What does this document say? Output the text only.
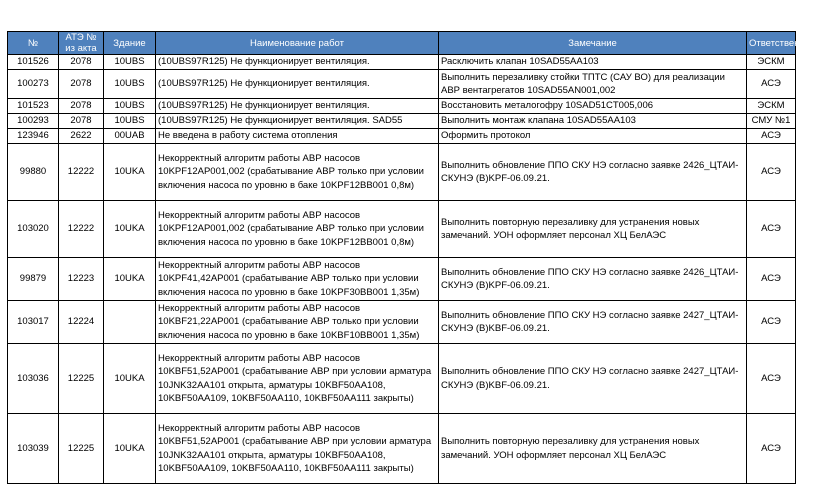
№	АТЭ № из акта	Здание	Наименование работ	Замечание	Ответственный
101526	2078	10UBS	(10UBS97R125) Не функционирует вентиляция.	Расключить клапан 10SAD55AA103	ЭСКМ
100273	2078	10UBS	(10UBS97R125) Не функционирует вентиляция.	Выполнить перезаливку стойки ТПТС (САУ ВО) для реализации АВР вентагрегатов 10SAD55AN001,002	АСЭ
101523	2078	10UBS	(10UBS97R125) Не функционирует вентиляция.	Восстановить металогофру 10SAD51CT005,006	ЭСКМ
100293	2078	10UBS	(10UBS97R125) Не функционирует вентиляция. SAD55	Выполнить монтаж клапана 10SAD55AA103	СМУ №1
123946	2622	00UAB	Не введена в работу система отопления	Оформить протокол	АСЭ
99880	12222	10UKA	Некорректный алгоритм работы АВР насосов 10KPF12AP001,002 (срабатывание АВР только при условии включения насоса по уровню в баке 10KPF12BB001 0,8м)	Выполнить обновление ППО СКУ НЭ согласно заявке 2426_ЦТАИ-СКУНЭ (В)KPF-06.09.21.	АСЭ
103020	12222	10UKA	Некорректный алгоритм работы АВР насосов 10KPF12AP001,002 (срабатывание АВР только при условии включения насоса по уровню в баке 10KPF12BB001 0,8м)	Выполнить повторную перезаливку для устранения новых замечаний. УОН оформляет персонал ХЦ БелАЭС	АСЭ
99879	12223	10UKA	Некорректный алгоритм работы АВР насосов 10KPF41,42AP001 (срабатывание АВР только при условии включения насоса по уровню в баке 10KPF30BB001 1,35м)	Выполнить обновление ППО СКУ НЭ согласно заявке 2426_ЦТАИ-СКУНЭ (В)KPF-06.09.21.	АСЭ
103017	12224		Некорректный алгоритм работы АВР насосов 10KBF21,22AP001 (срабатывание АВР только при условии включения насоса по уровню в баке 10KBF10BB001 1,35м)	Выполнить обновление ППО СКУ НЭ согласно заявке 2427_ЦТАИ-СКУНЭ (В)KBF-06.09.21.	АСЭ
103036	12225	10UKA	Некорректный алгоритм работы АВР насосов 10KBF51,52AP001 (срабатывание АВР при условии арматура 10JNK32AA101 открыта, арматуры 10KBF50AA108, 10KBF50AA109, 10KBF50AA110, 10KBF50AA111 закрыты)	Выполнить обновление ППО СКУ НЭ согласно заявке 2427_ЦТАИ-СКУНЭ (В)KBF-06.09.21.	АСЭ
103039	12225	10UKA	Некорректный алгоритм работы АВР насосов 10KBF51,52AP001 (срабатывание АВР при условии арматура 10JNK32AA101 открыта, арматуры 10KBF50AA108, 10KBF50AA109, 10KBF50AA110, 10KBF50AA111 закрыты)	Выполнить повторную перезаливку для устранения новых замечаний. УОН оформляет персонал ХЦ БелАЭС	АСЭ
